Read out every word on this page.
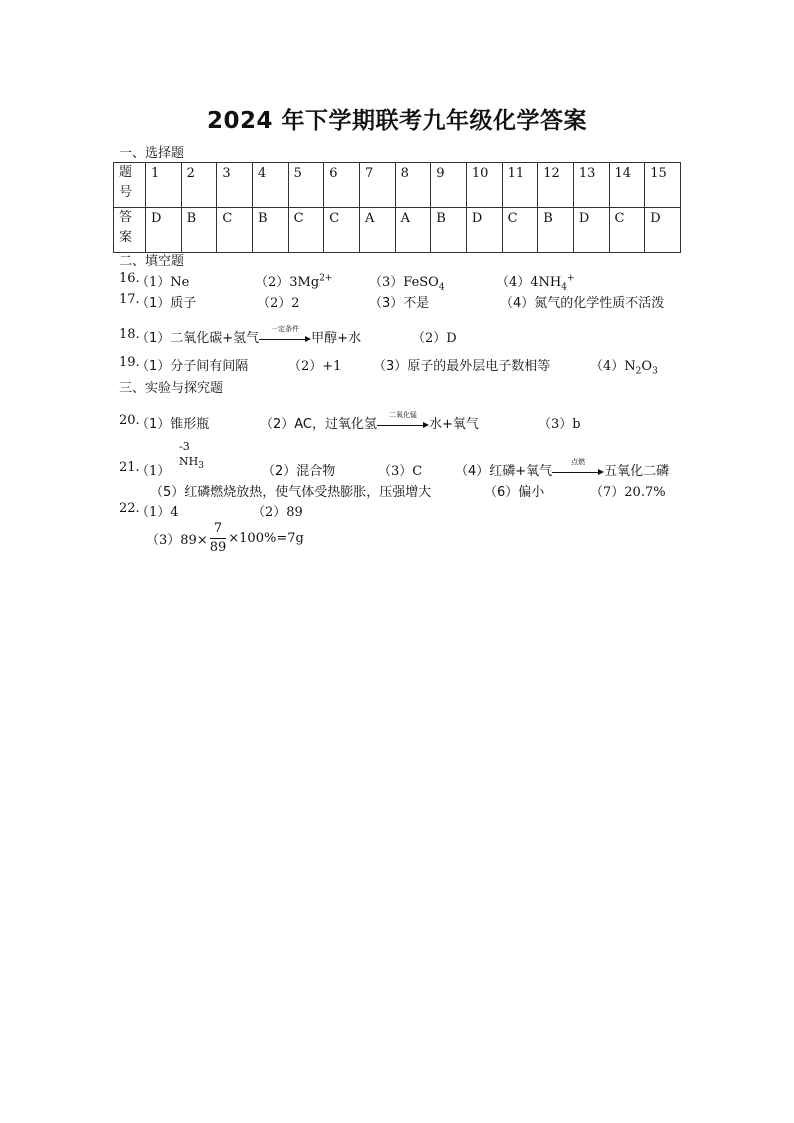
2024 年下学期联考九年级化学答案
一、选择题
题
号	1	2	3	4	5	6	7	8	9	10	11	12	13	14	15
答
案	D	B	C	B	C	C	A	A	B	D	C	B	D	C	D
二、填空题
16.
（1）Ne	$(2)3Mg^{2+}$	（3）FeSO$_4$	$(4)4NH_4^+$
17.
（1）质子	（2）2	（3）不是	（4）氮气的化学性质不活泼
18.
（1）二氧化碳+氢气
一定条件
甲醇+水	（2）D
19.
（1）分子间有间隔	（2）+1 （3）原子的最外层电子数相等	$(4)N_2O_3$
三、实验与探究题
20.
（1）锥形瓶	（2）AC，过氧化氢
二氧化锰
水+氧气	（3）b
21.
（1）
-3
$NH_3$	（2）混合物	（3）C	（4）红磷+氧气
点燃
五氧化二磷
（5）红磷燃烧放热，使气体受热膨胀，压强增大	（6）偏小	（7）20.7%
22.
（1）4	（2）89
$(3)89\times \frac{7}{89} \times 100\%=7g$
